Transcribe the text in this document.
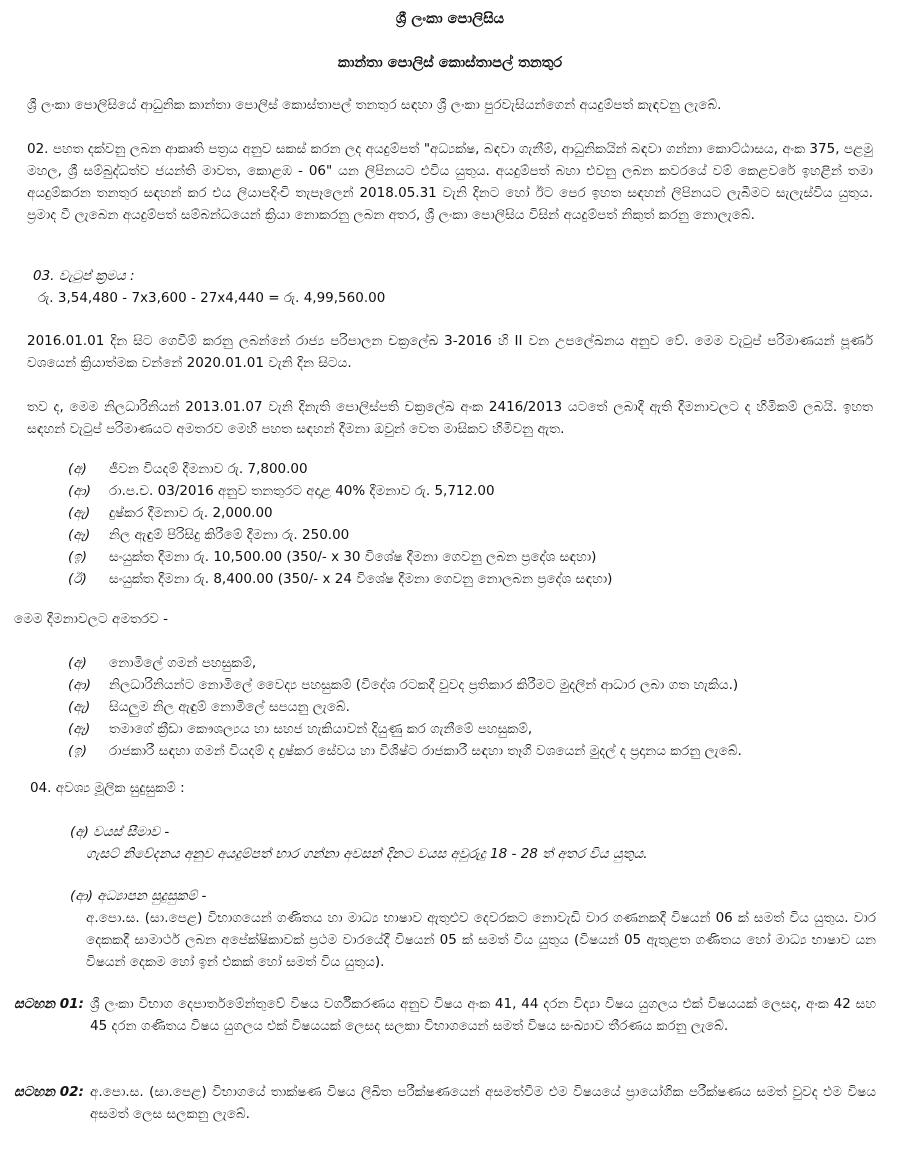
ශ්‍රී ලංකා පොලිසිය
කාන්තා පොලිස් කොස්තාපල් තනතුර
ශ්‍රී ලංකා පොලිසියේ ආධුනික කාන්තා පොලිස් කොස්තාපල් තනතුර සඳහා ශ්‍රී ලංකා පුරවැසියන්ගෙන් අයදුම්පත් කැඳවනු ලැබේ.
02. පහත දක්වනු ලබන ආකෘති පත්‍රය අනුව සකස් කරන ලද අයදුම්පත් "අධ්‍යක්ෂ, බඳවා ගැනීම්, ආධුනිකයින් බඳවා ගන්නා කොට්ඨාසය, අංක 375, පළමු මහල, ශ්‍රී සම්බුද්ධත්ව ජයන්ති මාවත, කොළඹ - 06" යන ලිපිනයට එවිය යුතුය. අයදුම්පත් බහා එවනු ලබන කවරයේ වම් කෙළවරේ ඉහළින් තමා අයදුම්කරන තනතුර සඳහන් කර එය ලියාපදිංචි තැපෑලෙන් 2018.05.31 වැනි දිනට හෝ ඊට පෙර ඉහත සඳහන් ලිපිනයට ලැබීමට සැලැස්විය යුතුය. ප්‍රමාද වී ලැබෙන අයදුම්පත් සම්බන්ධයෙන් ක්‍රියා නොකරනු ලබන අතර, ශ්‍රී ලංකා පොලිසිය විසින් අයදුම්පත් නිකුත් කරනු නොලැබේ.
03. වැටුප් ක්‍රමය :
රු. 3,54,480 - 7x3,600 - 27x4,440 = රු. 4,99,560.00
2016.01.01 දින සිට ගෙවීම් කරනු ලබන්නේ රාජ්‍ය පරිපාලන චක්‍රලේඛ 3-2016 හි II වන උපලේඛනය අනුව වේ. මෙම වැටුප් පරිමාණයන් පූර්ණ වශයෙන් ක්‍රියාත්මක වන්නේ 2020.01.01 වැනි දින සිටය.
තව ද, මෙම නිලධාරිනියන් 2013.01.07 වැනි දිනැති පොලිස්පති චක්‍රලේඛ අංක 2416/2013 යටතේ ලබාදී ඇති දීමනාවලට ද හිමිකම් ලබයි. ඉහත සඳහන් වැටුප් පරිමාණයට අමතරව මෙහි පහත සඳහන් දීමනා ඔවුන් වෙත මාසිකව හිමිවනු ඇත.
(අ) ජීවන වියදම් දීමනාව රු. 7,800.00
(ආ) රා.ප.ච. 03/2016 අනුව තනතුරට අදාළ 40% දීමනාව රු. 5,712.00
(ඇ) දුෂ්කර දීමනාව රු. 2,000.00
(ඈ) නිල ඇඳුම් පිරිසිදු කිරීමේ දීමනා රු. 250.00
(ඉ) සංයුක්ත දීමනා රු. 10,500.00 (350/- x 30 විශේෂ දීමනා ගෙවනු ලබන ප්‍රදේශ සඳහා)
(ඊ) සංයුක්ත දීමනා රු. 8,400.00 (350/- x 24 විශේෂ දීමනා ගෙවනු නොලබන ප්‍රදේශ සඳහා)
මෙම දීමනාවලට අමතරව -
(අ) නොමිලේ ගමන් පහසුකම්,
(ආ) නිලධාරිනියන්ට නොමිලේ වෛද්‍ය පහසුකම් (විදේශ රටකදී වුවද ප්‍රතිකාර කිරීමට මුදලින් ආධාර ලබා ගත හැකිය.)
(ඇ) සියලුම නිල ඇඳුම් නොමිලේ සපයනු ලැබේ.
(ඈ) තමාගේ ක්‍රීඩා කෞශල්‍යය හා සහජ හැකියාවන් දියුණු කර ගැනීමේ පහසුකම්,
(ඉ) රාජකාරී සඳහා ගමන් වියදම් ද දුෂ්කර සේවය හා විශිෂ්ට රාජකාරී සඳහා තෑගි වශයෙන් මුදල් ද ප්‍රදානය කරනු ලැබේ.
04. අවශ්‍ය මූලික සුදුසුකම් :
(අ) වයස් සීමාව -
ගැසට් නිවේදනය අනුව අයදුම්පත් භාර ගන්නා අවසන් දිනට වයස අවුරුදු 18 - 28 ත් අතර විය යුතුය.
(ආ) අධ්‍යාපන සුදුසුකම් -
අ.පො.ස. (සා.පෙළ) විභාගයෙන් ගණිතය හා මාධ්‍ය භාෂාව ඇතුළුව දෙවරකට නොවැඩි වාර ගණනකදී විෂයන් 06 ක් සමත් විය යුතුය. වාර දෙකකදී සාමාර්ථ ලබන අපේක්ෂිකාවක් ප්‍රථම වාරයේදී විෂයන් 05 ක් සමත් විය යුතුය (විෂයන් 05 ඇතුළත ගණිතය හෝ මාධ්‍ය භාෂාව යන විෂයන් දෙකම හෝ ඉන් එකක් හෝ සමත් විය යුතුය).
සටහන 01: ශ්‍රී ලංකා විභාග දෙපාර්තමේන්තුවේ විෂය වර්ගීකරණය අනුව විෂය අංක 41, 44 දරන විද්‍යා විෂය යුගලය එක් විෂයයක් ලෙසද, අංක 42 සහ 45 දරන ගණිතය විෂය යුගලය එක් විෂයයක් ලෙසද සලකා විභාගයෙන් සමත් විෂය සංඛ්‍යාව තීරණය කරනු ලැබේ.
සටහන 02: අ.පො.ස. (සා.පෙළ) විභාගයේ තාක්ෂණ විෂය ලිඛිත පරීක්ෂණයෙන් අසමත්වීම එම විෂයයේ ප්‍රායෝගික පරීක්ෂණය සමත් වුවද එම විෂය අසමත් ලෙස සලකනු ලැබේ.
